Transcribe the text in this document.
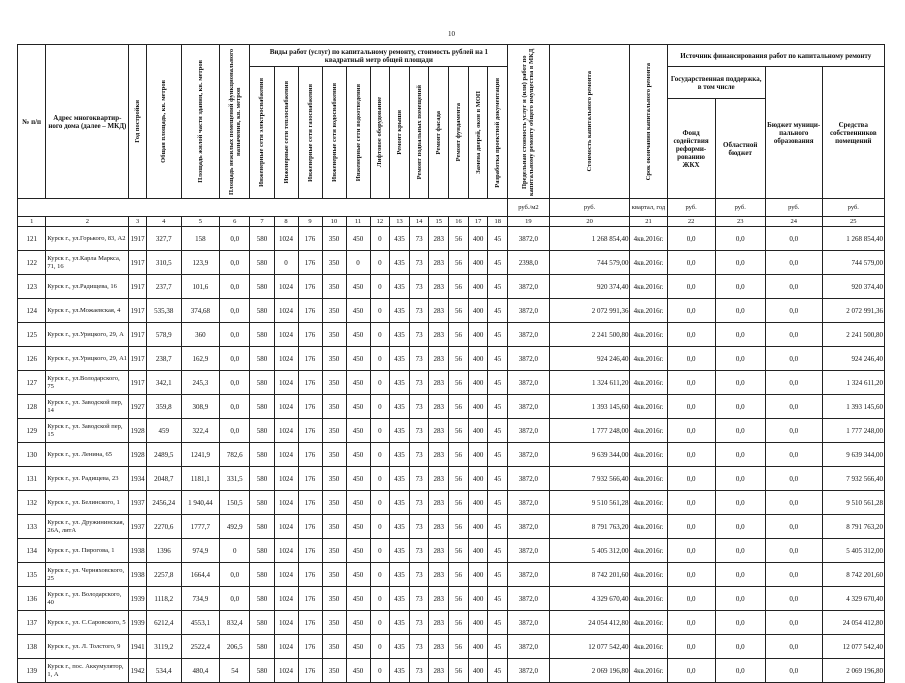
10
№ п/п	Адрес многоквартир-ного дома (далее – МКД)	Год постройки	Общая площадь, кв. метров	Площадь жилой части здания, кв. метров	Площадь нежилых помещений функционального назначения, кв. метров	Виды работ (услуг) по капитальному ремонту, стоимость рублей на 1 квадратный метр общей площади												Предельная стоимость услуг и (или) работ по капитальному ремонту общего имущества в МКД	Стоимость капитального ремонта	Срок окончания капитального ремонта	Источник финансирования работ по капитальному ремонту			

						Инженерные сети электроснабжения	Инженерные сети теплоснабжения	Инженерные сети газоснабжения	Инженерные сети водоснабжения	Инженерные сети водоотведения	Лифтовое оборудование	Ремонт крыши	Ремонт подвальных помещений	Ремонт фасада	Ремонт фундамента	Замена дверей, окон в МОП	Разработка проектной документации				Государственная поддержка, в том числе		Бюджет муници-пального образования	Средства собственников помещений
																					Фонд содействия реформи-рованию ЖКХ	Областной бюджет		
																		руб./м2	руб.	квартал, год	руб.	руб.	руб.	руб.
1	2	3	4	5	6	7	8	9	10	11	12	13	14	15	16	17	18	19	20	21	22	23	24	25
121	Курск г., ул.Горького, 83, А2	1917	327,7	158	0,0	580	1024	176	350	450	0	435	73	283	56	400	45	3872,0	1 268 854,40	4кв.2016г.	0,0	0,0	0,0	1 268 854,40
122	Курск г., ул.Карла Маркса, 71, 16	1917	310,5	123,9	0,0	580	0	176	350	0	0	435	73	283	56	400	45	2398,0	744 579,00	4кв.2016г.	0,0	0,0	0,0	744 579,00
123	Курск г., ул.Радищева, 16	1917	237,7	101,6	0,0	580	1024	176	350	450	0	435	73	283	56	400	45	3872,0	920 374,40	4кв.2016г.	0,0	0,0	0,0	920 374,40
124	Курск г., ул.Можаевская, 4	1917	535,38	374,68	0,0	580	1024	176	350	450	0	435	73	283	56	400	45	3872,0	2 072 991,36	4кв.2016г.	0,0	0,0	0,0	2 072 991,36
125	Курск г., ул.Урицкого, 29, А	1917	578,9	360	0,0	580	1024	176	350	450	0	435	73	283	56	400	45	3872,0	2 241 500,80	4кв.2016г.	0,0	0,0	0,0	2 241 500,80
126	Курск г., ул.Урицкого, 29, А1	1917	238,7	162,9	0,0	580	1024	176	350	450	0	435	73	283	56	400	45	3872,0	924 246,40	4кв.2016г.	0,0	0,0	0,0	924 246,40
127	Курск г., ул.Володарского, 75	1917	342,1	245,3	0,0	580	1024	176	350	450	0	435	73	283	56	400	45	3872,0	1 324 611,20	4кв.2016г.	0,0	0,0	0,0	1 324 611,20
128	Курск г., ул. Заводской пер, 14	1927	359,8	308,9	0,0	580	1024	176	350	450	0	435	73	283	56	400	45	3872,0	1 393 145,60	4кв.2016г.	0,0	0,0	0,0	1 393 145,60
129	Курск г., ул. Заводской пер, 15	1928	459	322,4	0,0	580	1024	176	350	450	0	435	73	283	56	400	45	3872,0	1 777 248,00	4кв.2016г.	0,0	0,0	0,0	1 777 248,00
130	Курск г., ул. Ленина, 65	1928	2489,5	1241,9	782,6	580	1024	176	350	450	0	435	73	283	56	400	45	3872,0	9 639 344,00	4кв.2016г.	0,0	0,0	0,0	9 639 344,00
131	Курск г., ул. Радищева, 23	1934	2048,7	1181,1	331,5	580	1024	176	350	450	0	435	73	283	56	400	45	3872,0	7 932 566,40	4кв.2016г.	0,0	0,0	0,0	7 932 566,40
132	Курск г., ул. Белинского, 1	1937	2456,24	1 940,44	150,5	580	1024	176	350	450	0	435	73	283	56	400	45	3872,0	9 510 561,28	4кв.2016г.	0,0	0,0	0,0	9 510 561,28
133	Курск г., ул. Дружининская, 26А, литА	1937	2270,6	1777,7	492,9	580	1024	176	350	450	0	435	73	283	56	400	45	3872,0	8 791 763,20	4кв.2016г.	0,0	0,0	0,0	8 791 763,20
134	Курск г., ул. Пирогова, 1	1938	1396	974,9	0	580	1024	176	350	450	0	435	73	283	56	400	45	3872,0	5 405 312,00	4кв.2016г.	0,0	0,0	0,0	5 405 312,00
135	Курск г., ул. Черняховского, 25	1938	2257,8	1664,4	0,0	580	1024	176	350	450	0	435	73	283	56	400	45	3872,0	8 742 201,60	4кв.2016г.	0,0	0,0	0,0	8 742 201,60
136	Курск г., ул. Володарского, 40	1939	1118,2	734,9	0,0	580	1024	176	350	450	0	435	73	283	56	400	45	3872,0	4 329 670,40	4кв.2016г.	0,0	0,0	0,0	4 329 670,40
137	Курск г., ул. С.Саровского, 5	1939	6212,4	4553,1	832,4	580	1024	176	350	450	0	435	73	283	56	400	45	3872,0	24 054 412,80	4кв.2016г.	0,0	0,0	0,0	24 054 412,80
138	Курск г., ул. Л. Толстого, 9	1941	3119,2	2522,4	206,5	580	1024	176	350	450	0	435	73	283	56	400	45	3872,0	12 077 542,40	4кв.2016г.	0,0	0,0	0,0	12 077 542,40
139	Курск г., пос. Аккумулятор, 1, А	1942	534,4	480,4	54	580	1024	176	350	450	0	435	73	283	56	400	45	3872,0	2 069 196,80	4кв.2016г.	0,0	0,0	0,0	2 069 196,80
